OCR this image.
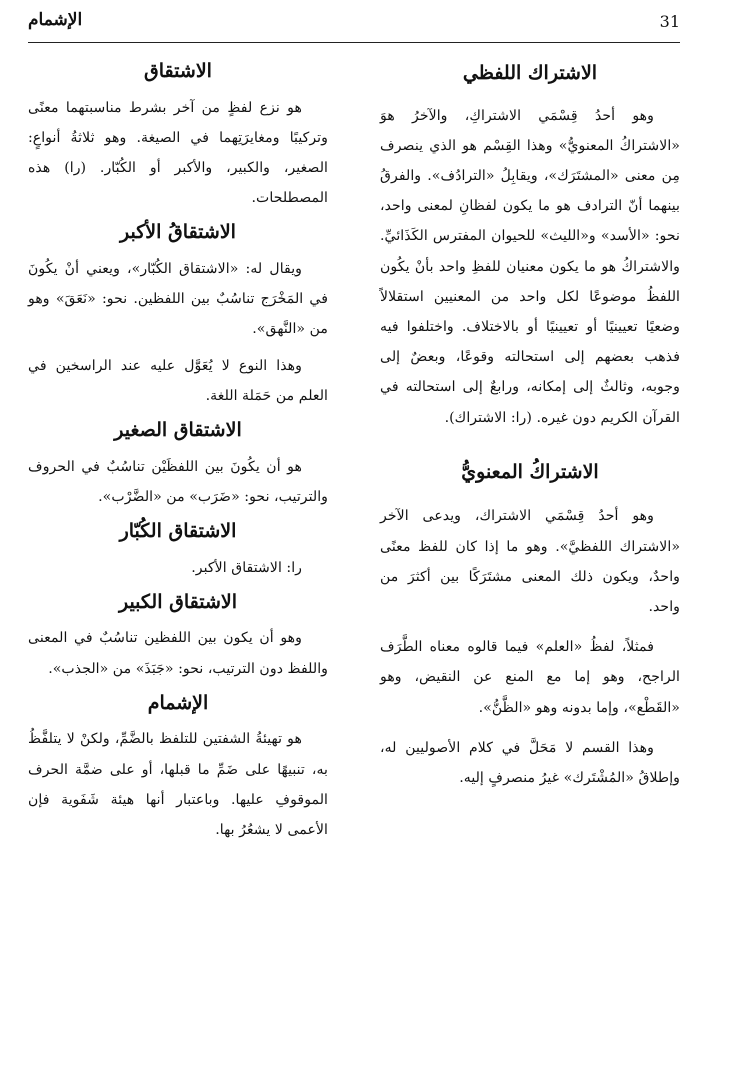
31
الإشمام
الاشتراك اللفظي

وهو أحدُ قِسْمَي الاشتراكِ، والآخرُ هوَ «الاشتراكُ المعنويُّ» وهذا القِسْم هو الذي ينصرف مِن معنى «المشتَرَك»، ويقابِلُ «الترادُف». والفرقُ بينهما أنّ الترادف هو ما يكون لفظانِ لمعنى واحد، نحو: «الأسد» و«الليث» للحيوان المفترس الكَذَائيِّ. والاشتراكُ هو ما يكون معنيان للفظِ واحد بأنْ يكُون اللفظُ موضوعًا لكل واحد من المعنيين استقلالاً وضعيًا تعيينيًا أو تعيينيًا أو بالاختلاف. واختلفوا فيه فذهب بعضهم إلى استحالته وقوعًا، وبعضٌ إلى وجوبه، وثالثٌ إلى إمكانه، ورابعٌ إلى استحالته في القرآن الكريم دون غيره. (را: الاشتراك).

الاشتراكُ المعنويُّ

وهو أحدُ قِسْمَي الاشتراك، ويدعى الآخر «الاشتراك اللفظيَّ». وهو ما إذا كان للفظ معنًى واحدٌ، ويكون ذلك المعنى مشتَرَكًا بين أكثرَ من واحد.

فمثلاً، لفظُ «العلم» فيما قالوه معناه الطَّرَف الراجح، وهو إما مع المنع عن النقيض، وهو «القَطْع»، وإما بدونه وهو «الظَّنُّ».

وهذا القسم لا مَحَلَّ في كلام الأصوليين له، وإطلاقُ «المُشْتَرك» غيرُ منصرفٍ إليه.

الاشتقاق

هو نزع لفظٍ من آخر بشرط مناسبتهما معنًى وتركيبًا ومغايرَتِهما في الصيغة. وهو ثلاثةُ أنواعٍ: الصغير، والكبير، والأكبر أو الكُبّار. (را) هذه المصطلحات.

الاشتقاقُ الأكبر

ويقال له: «الاشتقاق الكُبّار»، ويعني أنْ يكُونَ في المَخْرَج تناسُبٌ بين اللفظين. نحو: «نَعَقَ» وهو من «النَّهق».

وهذا النوع لا يُعَوَّل عليه عند الراسخين في العلم من حَمَلة اللغة.

الاشتقاق الصغير

هو أن يكُونَ بين اللفظَيْن تناسُبٌ في الحروف والترتيب، نحو: «ضَرَب» من «الضَّرْب».

الاشتقاق الكُبّار

را: الاشتقاق الأكبر.

الاشتقاق الكبير

وهو أن يكون بين اللفظين تناسُبٌ في المعنى واللفظ دون الترتيب، نحو: «جَبَذَ» من «الجذب».

الإشمام

هو تهيئةُ الشفتين للتلفظ بالضَّمِّ، ولكنْ لا يتلفَّظُ به، تنبيهًا على ضَمِّ ما قبلها، أو على ضمَّة الحرف الموقوفِ عليها. وباعتبار أنها هيئة شَفَوية فإن الأعمى لا يشعُرُ بها.
